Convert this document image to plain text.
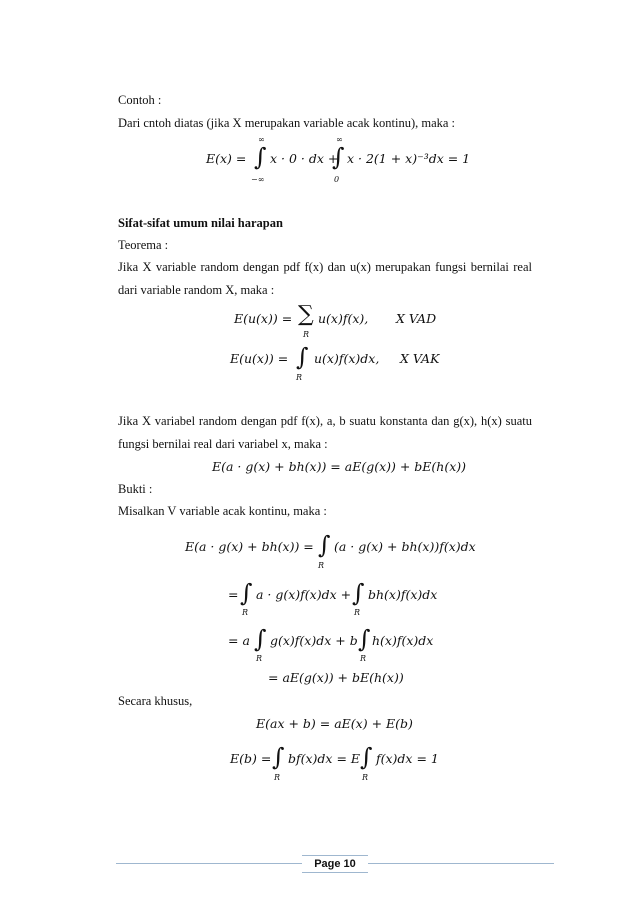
Contoh :
Dari cntoh diatas (jika X merupakan variable acak kontinu), maka :
E(x) =
∞
∫
−∞
x · 0 · dx +
∞
∫
0
x · 2(1 + x)⁻³dx = 1
Sifat-sifat umum nilai harapan
Teorema :
Jika X variable random dengan pdf f(x) dan u(x) merupakan fungsi bernilai real
dari variable random X, maka :
E(u(x)) = ∑
R
u(x)f(x), X VAD
E(u(x)) = ∫
R
u(x)f(x)dx, X VAK
Jika X variabel random dengan pdf f(x), a, b suatu konstanta dan g(x), h(x) suatu
fungsi bernilai real dari variabel x, maka :
E(a · g(x) + bh(x)) = aE(g(x)) + bE(h(x))
Bukti :
Misalkan V variable acak kontinu, maka :
E(a · g(x) + bh(x)) = ∫
R
(a · g(x) + bh(x))f(x)dx
= ∫
R
a · g(x)f(x)dx + ∫
R
bh(x)f(x)dx
= a ∫
R
g(x)f(x)dx + b ∫
R
h(x)f(x)dx
= aE(g(x)) + bE(h(x))
Secara khusus,
E(ax + b) = aE(x) + E(b)
E(b) = ∫
R
bf(x)dx = E ∫
R
f(x)dx = 1
Page 10
